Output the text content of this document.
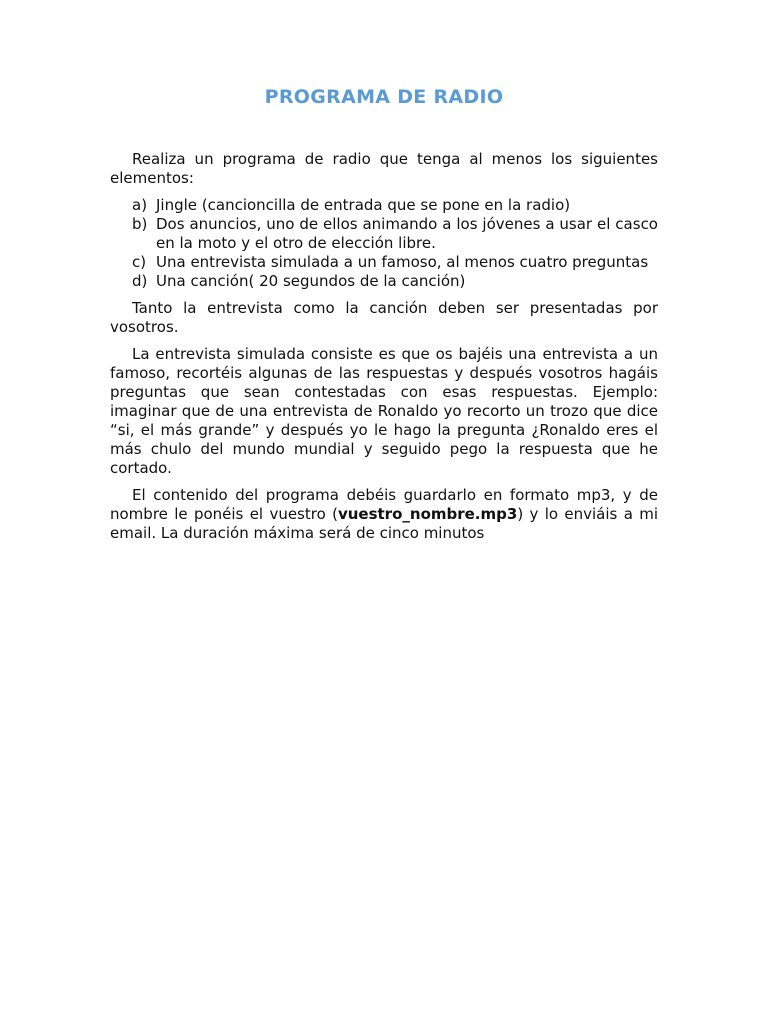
PROGRAMA DE RADIO

Realiza un programa de radio que tenga al menos los siguientes elementos:

a) Jingle (cancioncilla de entrada que se pone en la radio)
b) Dos anuncios, uno de ellos animando a los jóvenes a usar el casco en la moto y el otro de elección libre.
c) Una entrevista simulada a un famoso, al menos cuatro preguntas
d) Una canción( 20 segundos de la canción)

Tanto la entrevista como la canción deben ser presentadas por vosotros.

La entrevista simulada consiste es que os bajéis una entrevista a un famoso, recortéis algunas de las respuestas y después vosotros hagáis preguntas que sean contestadas con esas respuestas. Ejemplo: imaginar que de una entrevista de Ronaldo yo recorto un trozo que dice “si, el más grande” y después yo le hago la pregunta ¿Ronaldo eres el más chulo del mundo mundial y seguido pego la respuesta que he cortado.

El contenido del programa debéis guardarlo en formato mp3, y de nombre le ponéis el vuestro (vuestro_nombre.mp3) y lo enviáis a mi email. La duración máxima será de cinco minutos
